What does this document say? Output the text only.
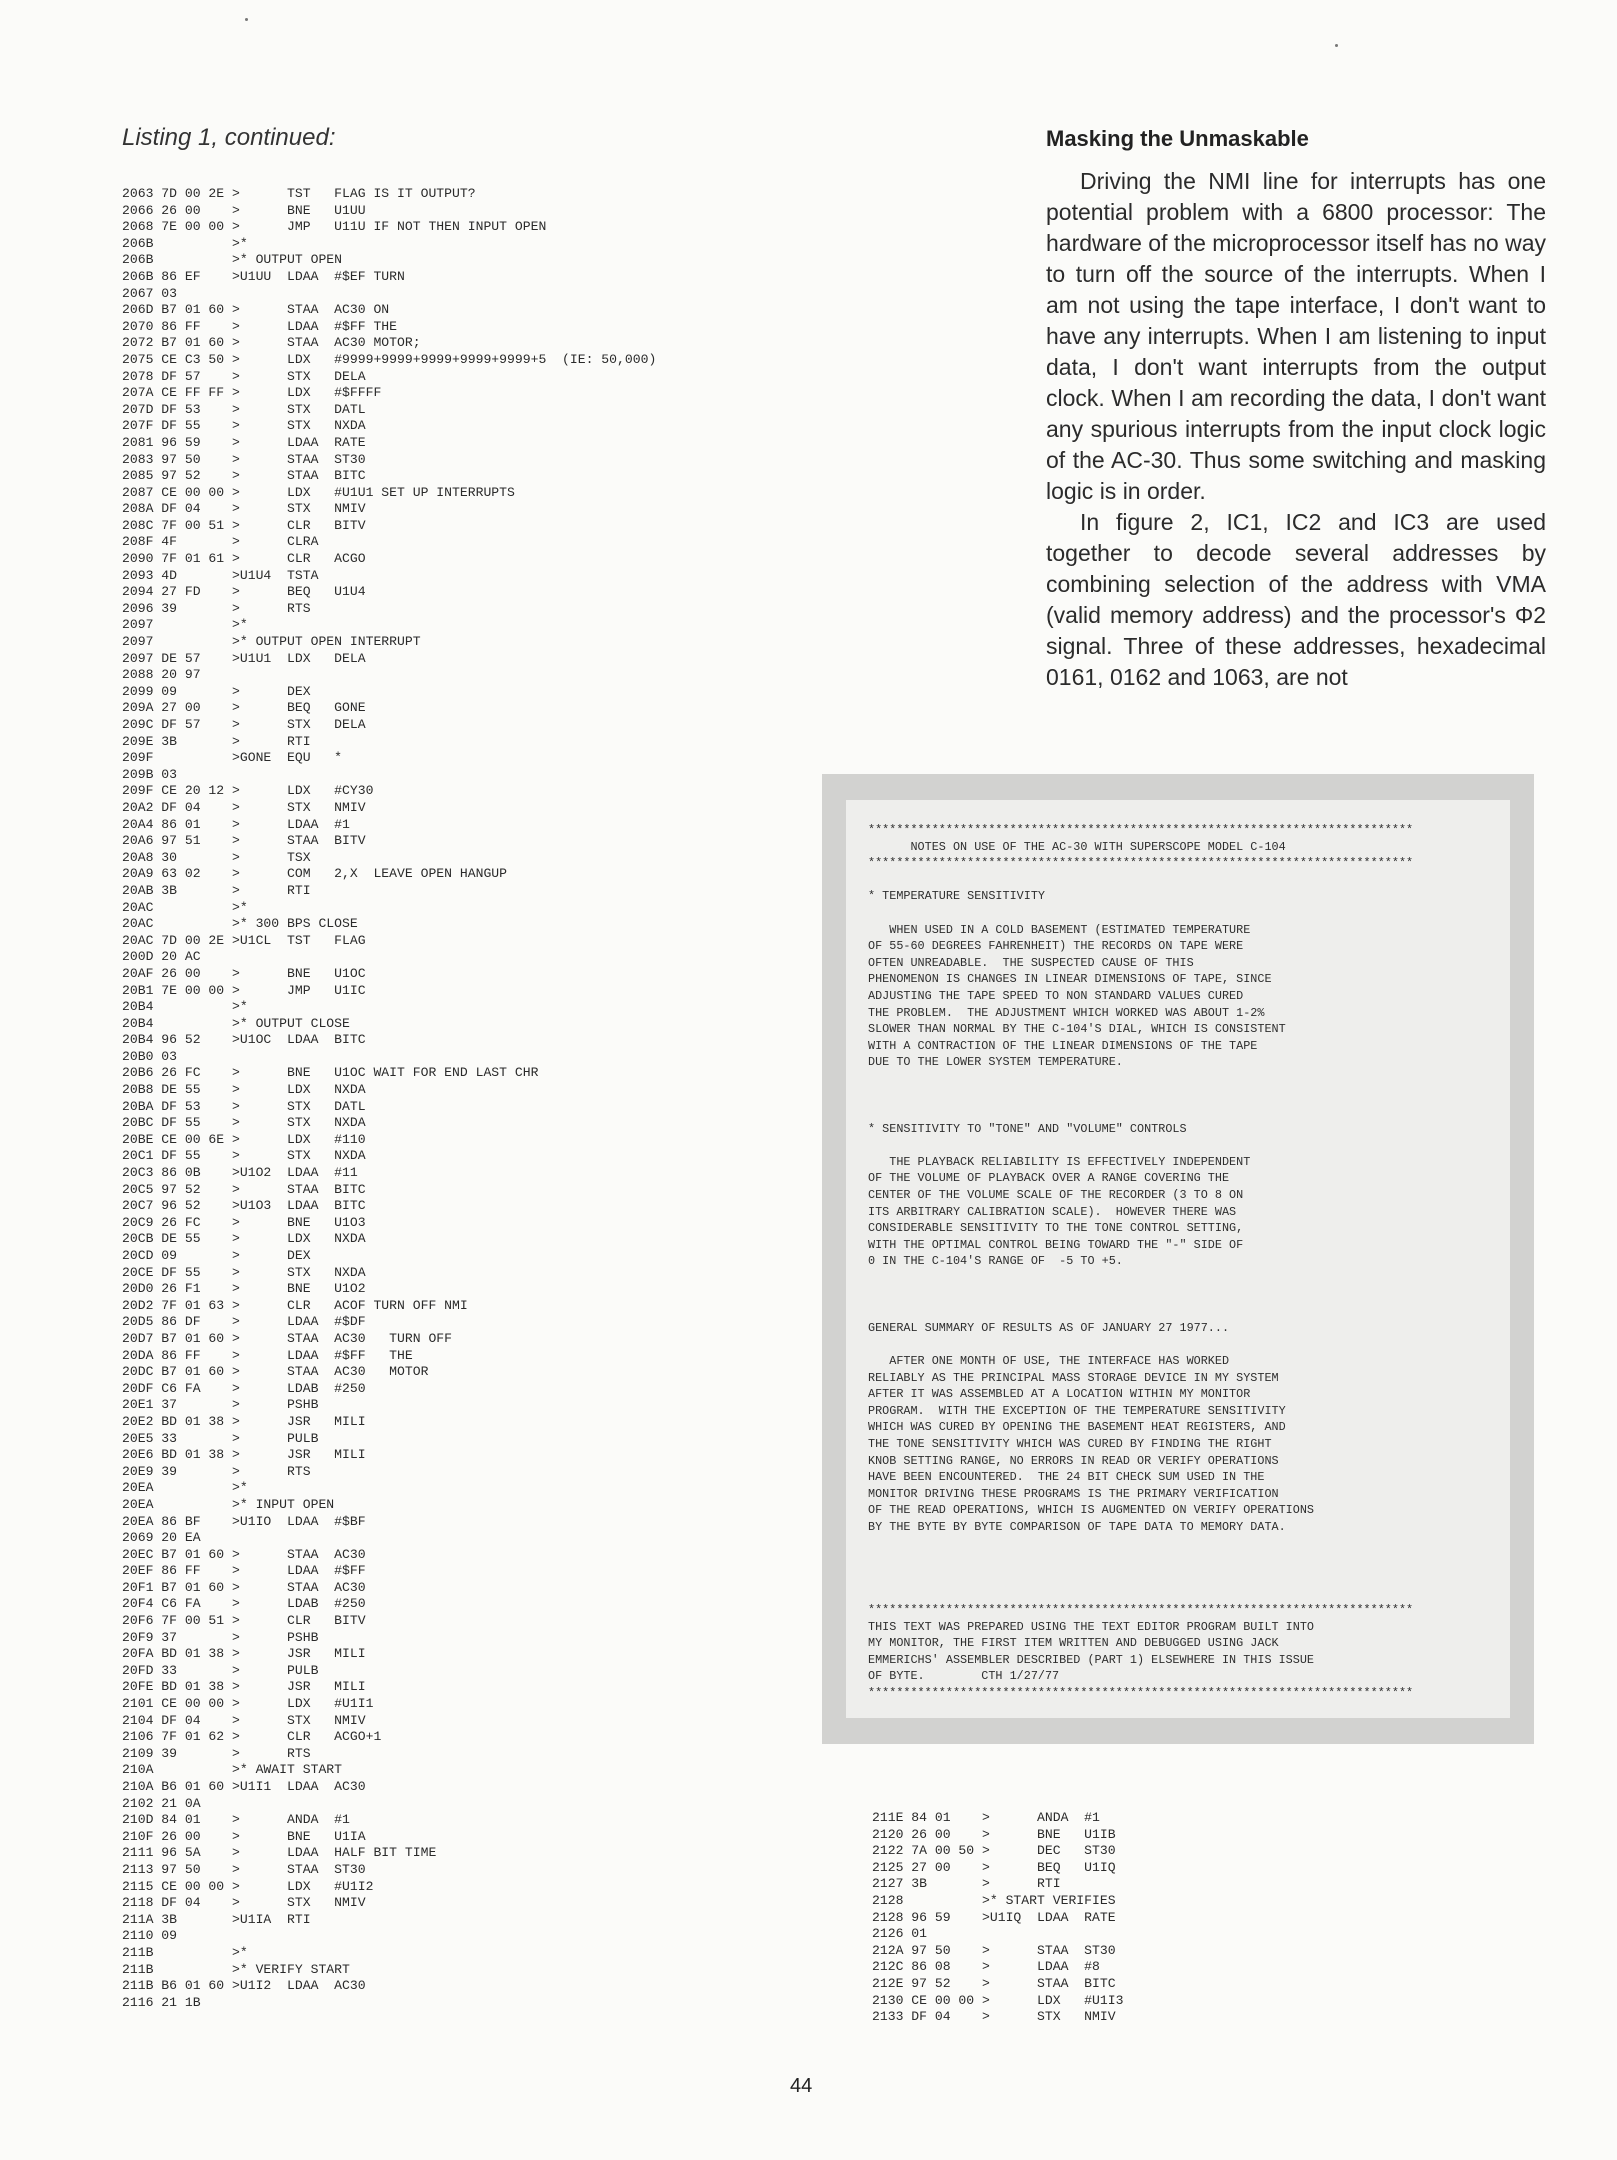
Listing 1, continued:
2063 7D 00 2E >      TST   FLAG IS IT OUTPUT?
2066 26 00    >      BNE   U1UU
2068 7E 00 00 >      JMP   U11U IF NOT THEN INPUT OPEN
206B          >*
206B          >* OUTPUT OPEN
206B 86 EF    >U1UU  LDAA  #$EF TURN
2067 03
206D B7 01 60 >      STAA  AC30 ON
2070 86 FF    >      LDAA  #$FF THE
2072 B7 01 60 >      STAA  AC30 MOTOR;
2075 CE C3 50 >      LDX   #9999+9999+9999+9999+9999+5  (IE: 50,000)
2078 DF 57    >      STX   DELA
207A CE FF FF >      LDX   #$FFFF
207D DF 53    >      STX   DATL
207F DF 55    >      STX   NXDA
2081 96 59    >      LDAA  RATE
2083 97 50    >      STAA  ST30
2085 97 52    >      STAA  BITC
2087 CE 00 00 >      LDX   #U1U1 SET UP INTERRUPTS
208A DF 04    >      STX   NMIV
208C 7F 00 51 >      CLR   BITV
208F 4F       >      CLRA
2090 7F 01 61 >      CLR   ACGO
2093 4D       >U1U4  TSTA
2094 27 FD    >      BEQ   U1U4
2096 39       >      RTS
2097          >*
2097          >* OUTPUT OPEN INTERRUPT
2097 DE 57    >U1U1  LDX   DELA
2088 20 97
2099 09       >      DEX
209A 27 00    >      BEQ   GONE
209C DF 57    >      STX   DELA
209E 3B       >      RTI
209F          >GONE  EQU   *
209B 03
209F CE 20 12 >      LDX   #CY30
20A2 DF 04    >      STX   NMIV
20A4 86 01    >      LDAA  #1
20A6 97 51    >      STAA  BITV
20A8 30       >      TSX
20A9 63 02    >      COM   2,X  LEAVE OPEN HANGUP
20AB 3B       >      RTI
20AC          >*
20AC          >* 300 BPS CLOSE
20AC 7D 00 2E >U1CL  TST   FLAG
200D 20 AC
20AF 26 00    >      BNE   U1OC
20B1 7E 00 00 >      JMP   U1IC
20B4          >*
20B4          >* OUTPUT CLOSE
20B4 96 52    >U1OC  LDAA  BITC
20B0 03
20B6 26 FC    >      BNE   U1OC WAIT FOR END LAST CHR
20B8 DE 55    >      LDX   NXDA
20BA DF 53    >      STX   DATL
20BC DF 55    >      STX   NXDA
20BE CE 00 6E >      LDX   #110
20C1 DF 55    >      STX   NXDA
20C3 86 0B    >U1O2  LDAA  #11
20C5 97 52    >      STAA  BITC
20C7 96 52    >U1O3  LDAA  BITC
20C9 26 FC    >      BNE   U1O3
20CB DE 55    >      LDX   NXDA
20CD 09       >      DEX
20CE DF 55    >      STX   NXDA
20D0 26 F1    >      BNE   U1O2
20D2 7F 01 63 >      CLR   ACOF TURN OFF NMI
20D5 86 DF    >      LDAA  #$DF
20D7 B7 01 60 >      STAA  AC30   TURN OFF
20DA 86 FF    >      LDAA  #$FF   THE
20DC B7 01 60 >      STAA  AC30   MOTOR
20DF C6 FA    >      LDAB  #250
20E1 37       >      PSHB
20E2 BD 01 38 >      JSR   MILI
20E5 33       >      PULB
20E6 BD 01 38 >      JSR   MILI
20E9 39       >      RTS
20EA          >*
20EA          >* INPUT OPEN
20EA 86 BF    >U1IO  LDAA  #$BF
2069 20 EA
20EC B7 01 60 >      STAA  AC30
20EF 86 FF    >      LDAA  #$FF
20F1 B7 01 60 >      STAA  AC30
20F4 C6 FA    >      LDAB  #250
20F6 7F 00 51 >      CLR   BITV
20F9 37       >      PSHB
20FA BD 01 38 >      JSR   MILI
20FD 33       >      PULB
20FE BD 01 38 >      JSR   MILI
2101 CE 00 00 >      LDX   #U1I1
2104 DF 04    >      STX   NMIV
2106 7F 01 62 >      CLR   ACGO+1
2109 39       >      RTS
210A          >* AWAIT START
210A B6 01 60 >U1I1  LDAA  AC30
2102 21 0A
210D 84 01    >      ANDA  #1
210F 26 00    >      BNE   U1IA
2111 96 5A    >      LDAA  HALF BIT TIME
2113 97 50    >      STAA  ST30
2115 CE 00 00 >      LDX   #U1I2
2118 DF 04    >      STX   NMIV
211A 3B       >U1IA  RTI
2110 09
211B          >*
211B          >* VERIFY START
211B B6 01 60 >U1I2  LDAA  AC30
2116 21 1B

Masking the Unmaskable

Driving the NMI line for interrupts has one potential problem with a 6800 processor: The hardware of the microprocessor itself has no way to turn off the source of the interrupts. When I am not using the tape interface, I don't want to have any interrupts. When I am listening to input data, I don't want interrupts from the output clock. When I am recording the data, I don't want any spurious interrupts from the input clock logic of the AC-30. Thus some switching and masking logic is in order.

In figure 2, IC1, IC2 and IC3 are used together to decode several addresses by combining selection of the address with VMA (valid memory address) and the processor's Φ2 signal. Three of these addresses, hexadecimal 0161, 0162 and 1063, are not

*****************************************************************************
NOTES ON USE OF THE AC-30 WITH SUPERSCOPE MODEL C-104
*****************************************************************************

* TEMPERATURE SENSITIVITY

WHEN USED IN A COLD BASEMENT (ESTIMATED TEMPERATURE
OF 55-60 DEGREES FAHRENHEIT) THE RECORDS ON TAPE WERE
OFTEN UNREADABLE.  THE SUSPECTED CAUSE OF THIS
PHENOMENON IS CHANGES IN LINEAR DIMENSIONS OF TAPE, SINCE
ADJUSTING THE TAPE SPEED TO NON STANDARD VALUES CURED
THE PROBLEM.  THE ADJUSTMENT WHICH WORKED WAS ABOUT 1-2%
SLOWER THAN NORMAL BY THE C-104'S DIAL, WHICH IS CONSISTENT
WITH A CONTRACTION OF THE LINEAR DIMENSIONS OF THE TAPE
DUE TO THE LOWER SYSTEM TEMPERATURE.

* SENSITIVITY TO "TONE" AND "VOLUME" CONTROLS

THE PLAYBACK RELIABILITY IS EFFECTIVELY INDEPENDENT
OF THE VOLUME OF PLAYBACK OVER A RANGE COVERING THE
CENTER OF THE VOLUME SCALE OF THE RECORDER (3 TO 8 ON
ITS ARBITRARY CALIBRATION SCALE).  HOWEVER THERE WAS
CONSIDERABLE SENSITIVITY TO THE TONE CONTROL SETTING,
WITH THE OPTIMAL CONTROL BEING TOWARD THE "-" SIDE OF
0 IN THE C-104'S RANGE OF  -5 TO +5.

GENERAL SUMMARY OF RESULTS AS OF JANUARY 27 1977...

AFTER ONE MONTH OF USE, THE INTERFACE HAS WORKED
RELIABLY AS THE PRINCIPAL MASS STORAGE DEVICE IN MY SYSTEM
AFTER IT WAS ASSEMBLED AT A LOCATION WITHIN MY MONITOR
PROGRAM.  WITH THE EXCEPTION OF THE TEMPERATURE SENSITIVITY
WHICH WAS CURED BY OPENING THE BASEMENT HEAT REGISTERS, AND
THE TONE SENSITIVITY WHICH WAS CURED BY FINDING THE RIGHT
KNOB SETTING RANGE, NO ERRORS IN READ OR VERIFY OPERATIONS
HAVE BEEN ENCOUNTERED.  THE 24 BIT CHECK SUM USED IN THE
MONITOR DRIVING THESE PROGRAMS IS THE PRIMARY VERIFICATION
OF THE READ OPERATIONS, WHICH IS AUGMENTED ON VERIFY OPERATIONS
BY THE BYTE BY BYTE COMPARISON OF TAPE DATA TO MEMORY DATA.

*****************************************************************************
THIS TEXT WAS PREPARED USING THE TEXT EDITOR PROGRAM BUILT INTO
MY MONITOR, THE FIRST ITEM WRITTEN AND DEBUGGED USING JACK
EMMERICHS' ASSEMBLER DESCRIBED (PART 1) ELSEWHERE IN THIS ISSUE
OF BYTE.        CTH 1/27/77
*****************************************************************************

211E 84 01    >      ANDA  #1
2120 26 00    >      BNE   U1IB
2122 7A 00 50 >      DEC   ST30
2125 27 00    >      BEQ   U1IQ
2127 3B       >      RTI
2128          >* START VERIFIES
2128 96 59    >U1IQ  LDAA  RATE
2126 01
212A 97 50    >      STAA  ST30
212C 86 08    >      LDAA  #8
212E 97 52    >      STAA  BITC
2130 CE 00 00 >      LDX   #U1I3
2133 DF 04    >      STX   NMIV

44
